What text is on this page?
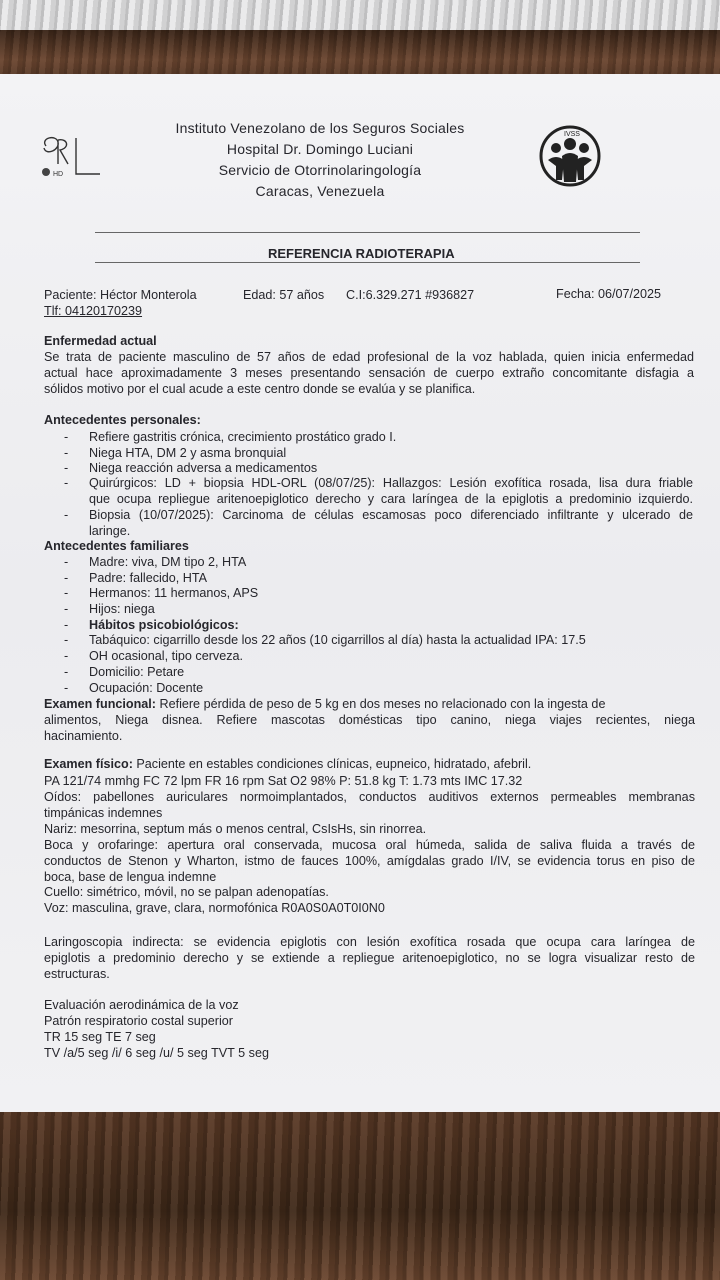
HD
IVSS
Instituto Venezolano de los Seguros Sociales
Hospital Dr. Domingo Luciani
Servicio de Otorrinolaringología
Caracas, Venezuela
REFERENCIA RADIOTERAPIA
Paciente: Héctor Monterola	Edad: 57 años C.I:6.329.271 #936827	Fecha: 06/07/2025
Tlf: 04120170239
Enfermedad actual
Se trata de paciente masculino de 57 años de edad profesional de la voz hablada, quien inicia enfermedad
actual hace aproximadamente 3 meses presentando sensación de cuerpo extraño concomitante disfagia a
sólidos motivo por el cual acude a este centro donde se evalúa y se planifica.
Antecedentes personales:
- Refiere gastritis crónica, crecimiento prostático grado I.
- Niega HTA, DM 2 y asma bronquial
- Niega reacción adversa a medicamentos
- Quirúrgicos: LD + biopsia HDL-ORL (08/07/25): Hallazgos: Lesión exofítica rosada, lisa dura friable
que ocupa repliegue aritenoepiglotico derecho y cara laríngea de la epiglotis a predominio izquierdo.
- Biopsia (10/07/2025): Carcinoma de células escamosas poco diferenciado infiltrante y ulcerado de
laringe.
Antecedentes familiares
- Madre: viva, DM tipo 2, HTA
- Padre: fallecido, HTA
- Hermanos: 11 hermanos, APS
- Hijos: niega
- Hábitos psicobiológicos:
- Tabáquico: cigarrillo desde los 22 años (10 cigarrillos al día) hasta la actualidad IPA: 17.5
- OH ocasional, tipo cerveza.
- Domicilio: Petare
- Ocupación: Docente
Examen funcional: Refiere pérdida de peso de 5 kg en dos meses no relacionado con la ingesta de
alimentos, Niega disnea. Refiere mascotas domésticas tipo canino, niega viajes recientes, niega
hacinamiento.
Examen físico: Paciente en estables condiciones clínicas, eupneico, hidratado, afebril.
PA 121/74 mmhg FC 72 lpm FR 16 rpm Sat O2 98% P: 51.8 kg T: 1.73 mts IMC 17.32
Oídos: pabellones auriculares normoimplantados, conductos auditivos externos permeables membranas
timpánicas indemnes
Nariz: mesorrina, septum más o menos central, CsIsHs, sin rinorrea.
Boca y orofaringe: apertura oral conservada, mucosa oral húmeda, salida de saliva fluida a través de
conductos de Stenon y Wharton, istmo de fauces 100%, amígdalas grado I/IV, se evidencia torus en piso de
boca, base de lengua indemne
Cuello: simétrico, móvil, no se palpan adenopatías.
Voz: masculina, grave, clara, normofónica R0A0S0A0T0I0N0
Laringoscopia indirecta: se evidencia epiglotis con lesión exofítica rosada que ocupa cara laríngea de
epiglotis a predominio derecho y se extiende a repliegue aritenoepiglotico, no se logra visualizar resto de
estructuras.
Evaluación aerodinámica de la voz
Patrón respiratorio costal superior
TR 15 seg TE 7 seg
TV /a/5 seg /i/ 6 seg /u/ 5 seg TVT 5 seg
